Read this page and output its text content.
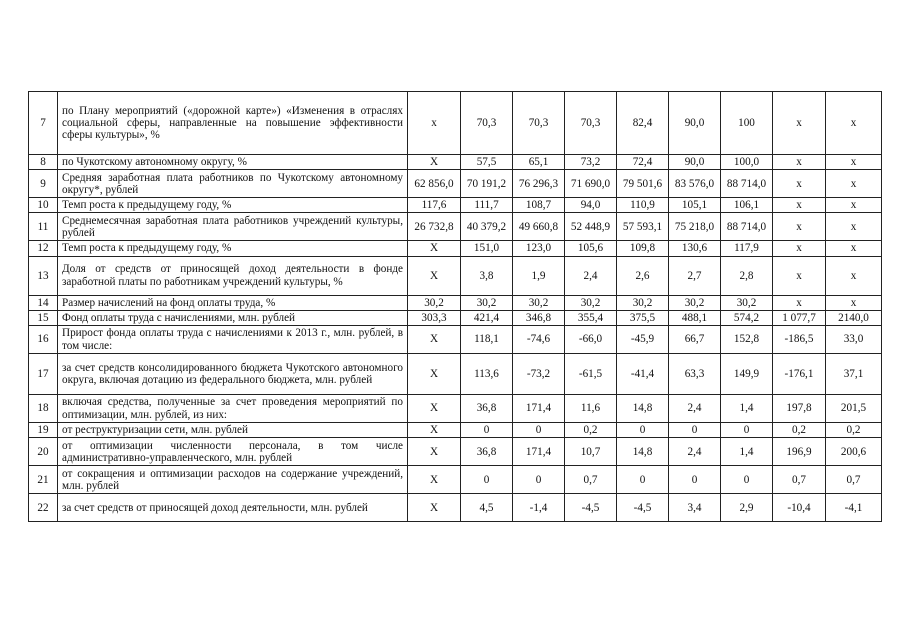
7	по Плану мероприятий («дорожной карте») «Изменения в отраслях социальной сферы, направленные на повышение эффективности сферы культуры», %	х	70,3	70,3	70,3	82,4	90,0	100	х	х
8	по Чукотскому автономному округу, %	Х	57,5	65,1	73,2	72,4	90,0	100,0	х	х
9	Средняя заработная плата работников по Чукотскому автономному округу*, рублей	62 856,0	70 191,2	76 296,3	71 690,0	79 501,6	83 576,0	88 714,0	х	х
10	Темп роста к предыдущему году, %	117,6	111,7	108,7	94,0	110,9	105,1	106,1	х	х
11	Среднемесячная заработная плата работников учреждений культуры, рублей	26 732,8	40 379,2	49 660,8	52 448,9	57 593,1	75 218,0	88 714,0	х	х
12	Темп роста к предыдущему году, %	Х	151,0	123,0	105,6	109,8	130,6	117,9	х	х
13	Доля от средств от приносящей доход деятельности в фонде заработной платы по работникам учреждений культуры, %	Х	3,8	1,9	2,4	2,6	2,7	2,8	х	х
14	Размер начислений на фонд оплаты труда, %	30,2	30,2	30,2	30,2	30,2	30,2	30,2	х	х
15	Фонд оплаты труда с начислениями, млн. рублей	303,3	421,4	346,8	355,4	375,5	488,1	574,2	1 077,7	2140,0
16	Прирост фонда оплаты труда с начислениями к 2013 г., млн. рублей, в том числе:	Х	118,1	-74,6	-66,0	-45,9	66,7	152,8	-186,5	33,0
17	за счет средств консолидированного бюджета Чукотского автономного округа, включая дотацию из федерального бюджета, млн. рублей	Х	113,6	-73,2	-61,5	-41,4	63,3	149,9	-176,1	37,1
18	включая средства, полученные за счет проведения мероприятий по оптимизации, млн. рублей, из них:	Х	36,8	171,4	11,6	14,8	2,4	1,4	197,8	201,5
19	от реструктуризации сети, млн. рублей	Х	0	0	0,2	0	0	0	0,2	0,2
20	от оптимизации численности персонала, в том числе административно-управленческого, млн. рублей	Х	36,8	171,4	10,7	14,8	2,4	1,4	196,9	200,6
21	от сокращения и оптимизации расходов на содержание учреждений, млн. рублей	Х	0	0	0,7	0	0	0	0,7	0,7
22	за счет средств от приносящей доход деятельности, млн. рублей	Х	4,5	-1,4	-4,5	-4,5	3,4	2,9	-10,4	-4,1
